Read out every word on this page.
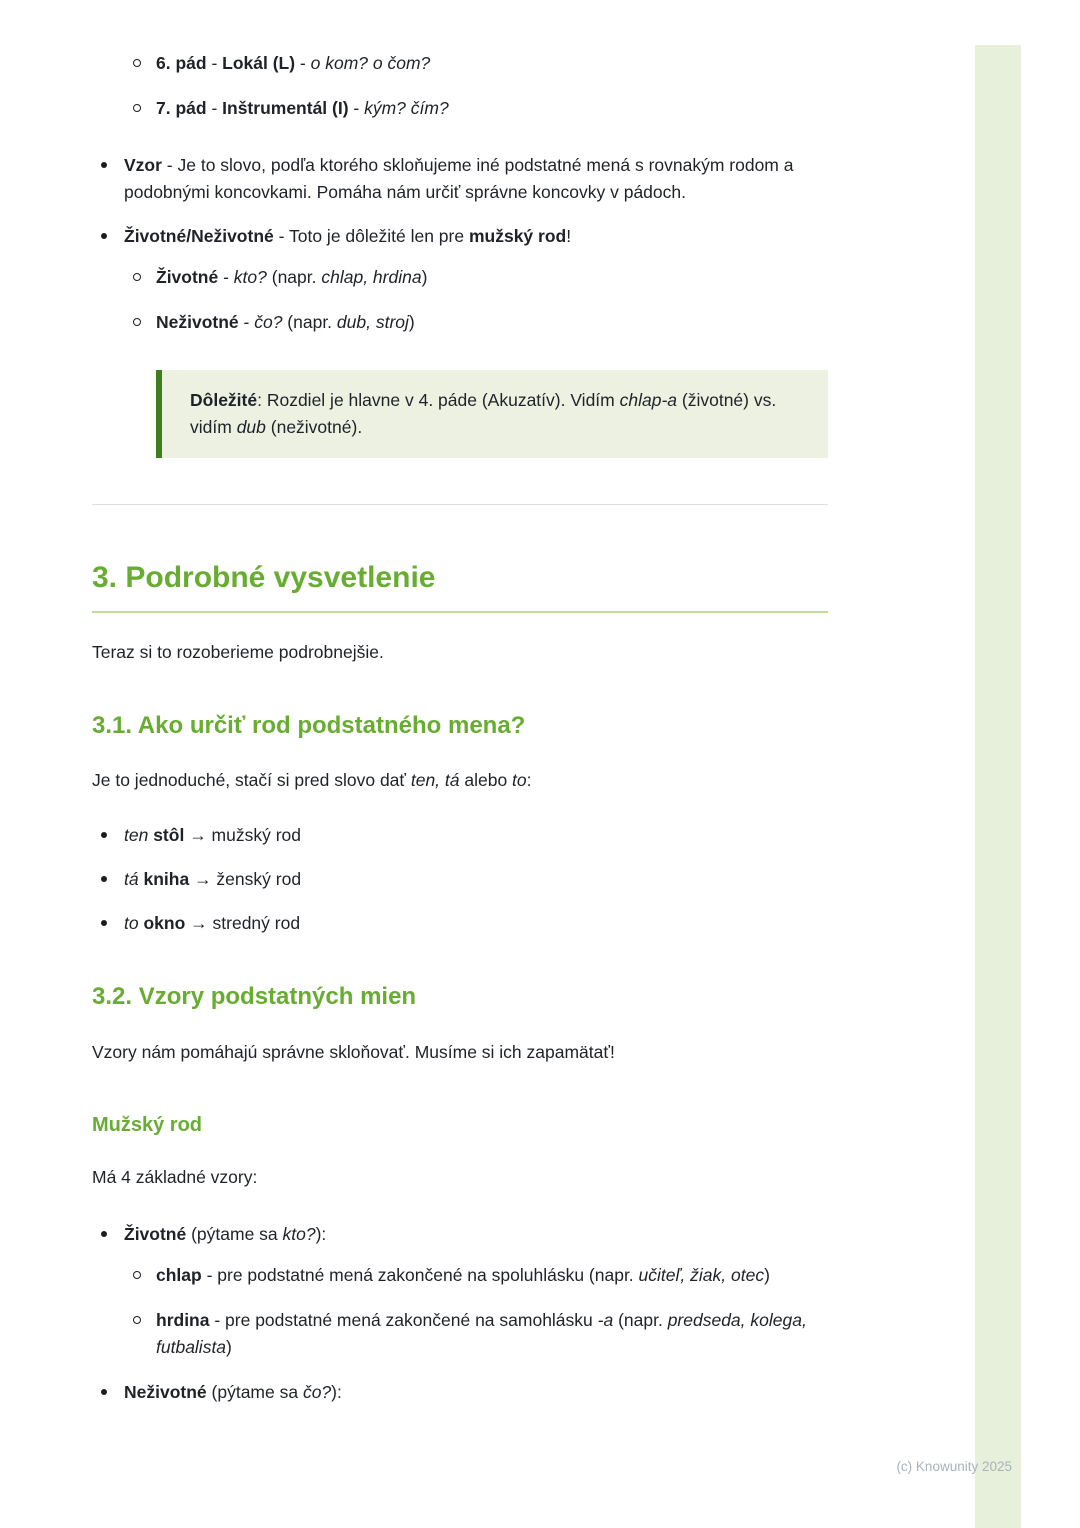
6. pád - Lokál (L) - o kom? o čom?
7. pád - Inštrumentál (I) - kým? čím?
Vzor - Je to slovo, podľa ktorého skloňujeme iné podstatné mená s rovnakým rodom a podobnými koncovkami. Pomáha nám určiť správne koncovky v pádoch.
Životné/Neživotné - Toto je dôležité len pre mužský rod!
Životné - kto? (napr. chlap, hrdina)
Neživotné - čo? (napr. dub, stroj)

Dôležité: Rozdiel je hlavne v 4. páde (Akuzatív). Vidím chlap-a (životné) vs. vidím dub (neživotné).

3. Podrobné vysvetlenie

Teraz si to rozoberieme podrobnejšie.

3.1. Ako určiť rod podstatného mena?

Je to jednoduché, stačí si pred slovo dať ten, tá alebo to:

ten stôl → mužský rod
tá kniha → ženský rod
to okno → stredný rod
3.2. Vzory podstatných mien

Vzory nám pomáhajú správne skloňovať. Musíme si ich zapamätať!

Mužský rod

Má 4 základné vzory:

Životné (pýtame sa kto?):
chlap - pre podstatné mená zakončené na spoluhlásku (napr. učiteľ, žiak, otec)
hrdina - pre podstatné mená zakončené na samohlásku -a (napr. predseda, kolega, futbalista)
Neživotné (pýtame sa čo?):
(c) Knowunity 2025
